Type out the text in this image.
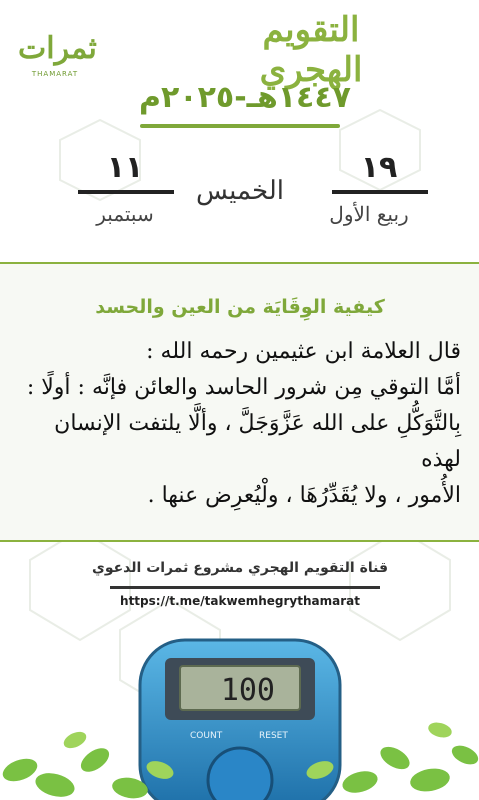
ثمرات
THAMARAT
التقويم الهجري
١٤٤٧هـ-٢٠٢٥م
١٩
ربيع الأول
الخميس
١١
سبتمبر
كيفية الوِقَايَة من العين والحسد
قال العلامة ابن عثيمين رحمه الله :
أمَّا التوقي مِن شرور الحاسد والعائن فإنَّه : أولًا :
بِالتَّوَكُّلِ على الله عَزَّوَجَلَّ ، وألَّا يلتفت الإنسان لهذه
الأُمور ، ولا يُقَدِّرُهَا ، ولْيُعرِض عنها .
قناة التقويم الهجري مشروع ثمرات الدعوي
https://t.me/takwemhegrythamarat
100
COUNT	RESET
